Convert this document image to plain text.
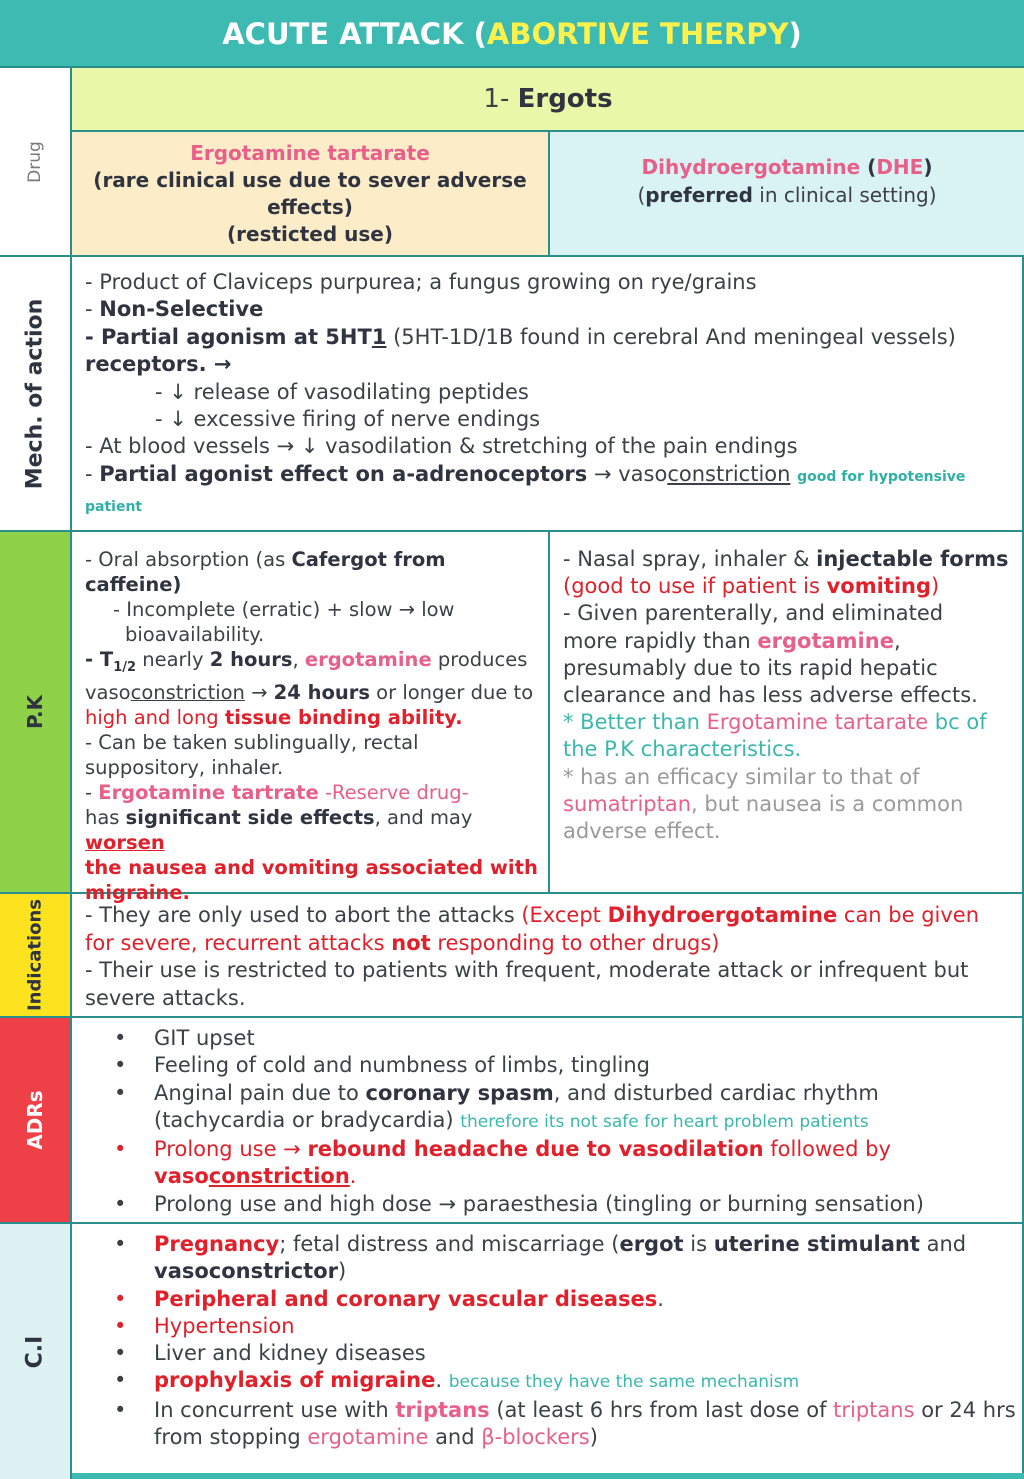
ACUTE ATTACK (ABORTIVE THERPY)
Drug
1- Ergots

Ergotamine tartarate

(rare clinical use due to sever adverse

effects)

(resticted use)

Dihydroergotamine (DHE)

(preferred in clinical setting)

Mech. of action

- Product of Claviceps purpurea; a fungus growing on rye/grains

- Non-Selective

- Partial agonism at 5HT1 (5HT-1D/1B found in cerebral And meningeal vessels)

receptors. →

- ↓ release of vasodilating peptides

- ↓ excessive firing of nerve endings

- At blood vessels → ↓ vasodilation & stretching of the pain endings

- Partial agonist effect on a-adrenoceptors → vasoconstriction good for hypotensive patient

P.K

- Oral absorption (as Cafergot from caffeine)

- Incomplete (erratic) + slow → low

bioavailability.

- $T_{1/2}$ nearly 2 hours, ergotamine produces

vasoconstriction → 24 hours or longer due to

high and long tissue binding ability.

- Can be taken sublingually, rectal

suppository, inhaler.

- Ergotamine tartrate -Reserve drug-

has significant side effects, and may worsen

the nausea and vomiting associated with

migraine.

- Nasal spray, inhaler & injectable forms

(good to use if patient is vomiting)

- Given parenterally, and eliminated

more rapidly than ergotamine,

presumably due to its rapid hepatic

clearance and has less adverse effects.

* Better than Ergotamine tartarate bc of

the P.K characteristics.

* has an efficacy similar to that of

sumatriptan, but nausea is a common

adverse effect.

Indications - They are only used to abort the attacks (Except Dihydroergotamine can be given

for severe, recurrent attacks not responding to other drugs)

- Their use is restricted to patients with frequent, moderate attack or infrequent but

severe attacks.

ADRs
• GIT upset
• Feeling of cold and numbness of limbs, tingling
• Anginal pain due to coronary spasm, and disturbed cardiac rhythm
(tachycardia or bradycardia) therefore its not safe for heart problem patients
• Prolong use → rebound headache due to vasodilation followed by
vasoconstriction.
• Prolong use and high dose → paraesthesia (tingling or burning sensation)
C.I
• Pregnancy; fetal distress and miscarriage (ergot is uterine stimulant and
vasoconstrictor)
• Peripheral and coronary vascular diseases.
• Hypertension
• Liver and kidney diseases
• prophylaxis of migraine. because they have the same mechanism
• In concurrent use with triptans (at least 6 hrs from last dose of triptans or 24 hrs
from stopping ergotamine and β-blockers)
